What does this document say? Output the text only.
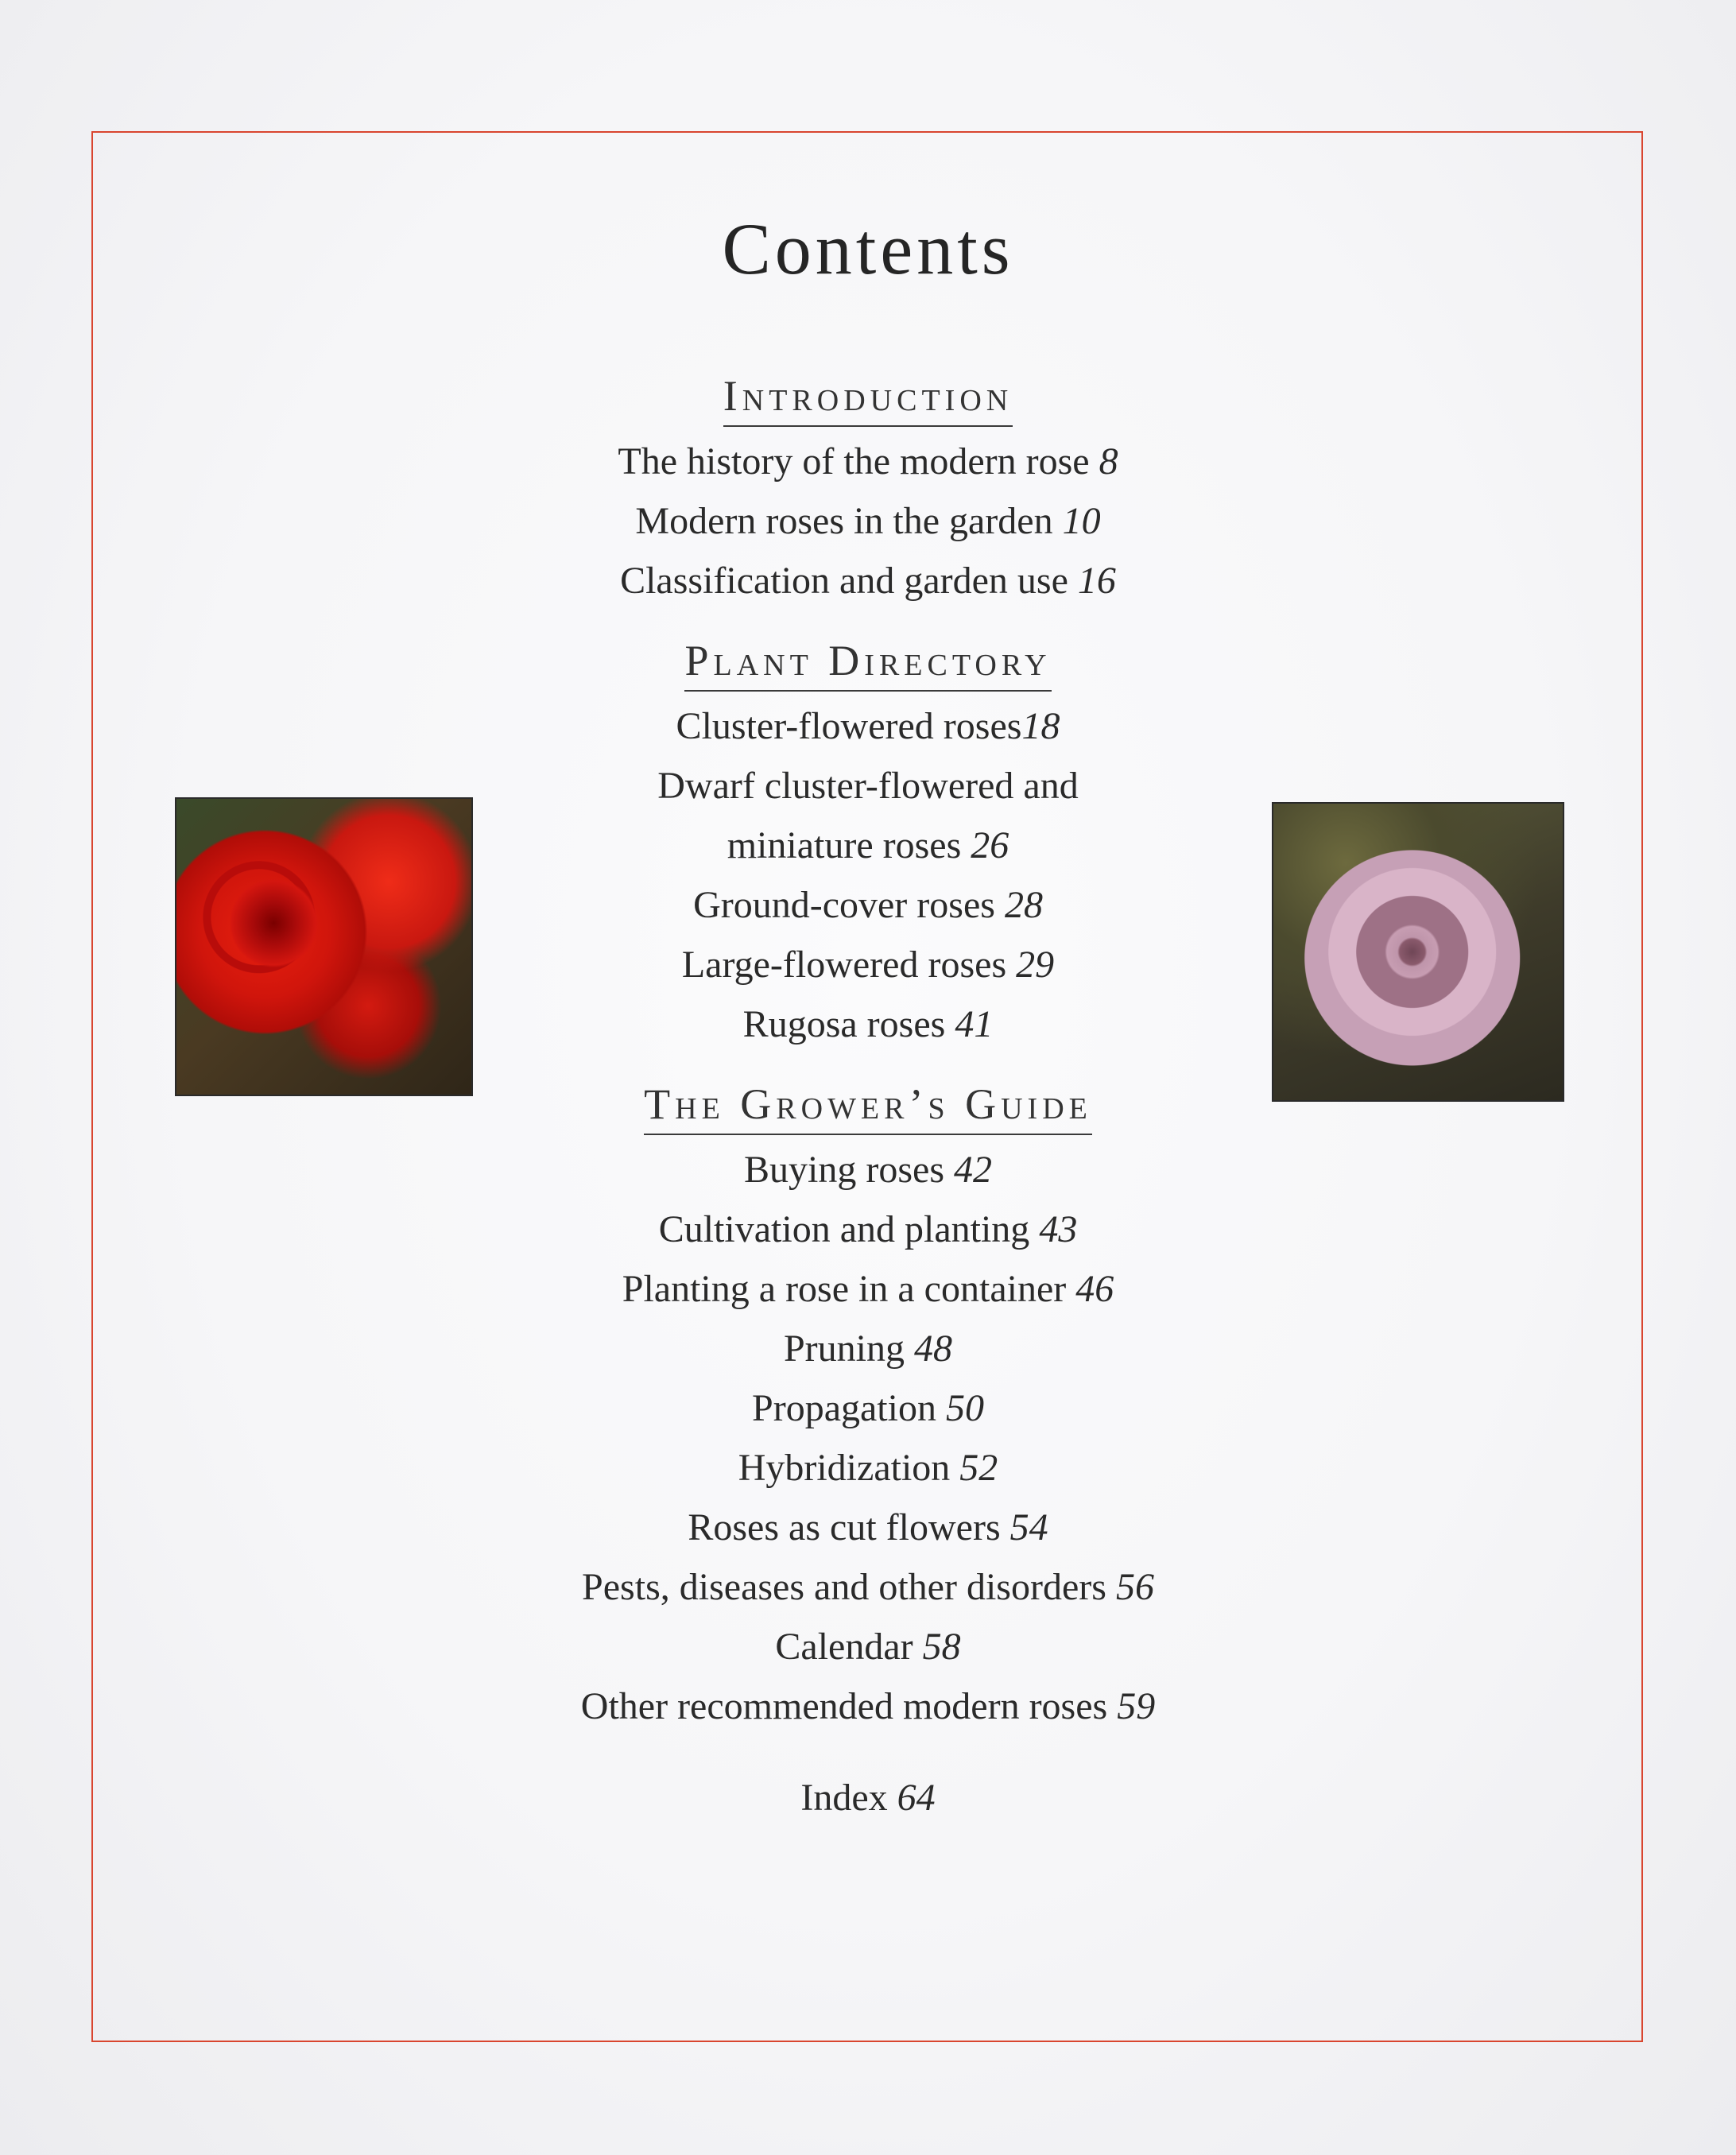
Contents
Introduction
The history of the modern rose 8
Modern roses in the garden 10
Classification and garden use 16
Plant Directory
Cluster-flowered roses18
Dwarf cluster-flowered and
miniature roses 26
Ground-cover roses 28
Large-flowered roses 29
Rugosa roses 41
The Grower’s Guide
Buying roses 42
Cultivation and planting 43
Planting a rose in a container 46
Pruning 48
Propagation 50
Hybridization 52
Roses as cut flowers 54
Pests, diseases and other disorders 56
Calendar 58
Other recommended modern roses 59
Index 64
